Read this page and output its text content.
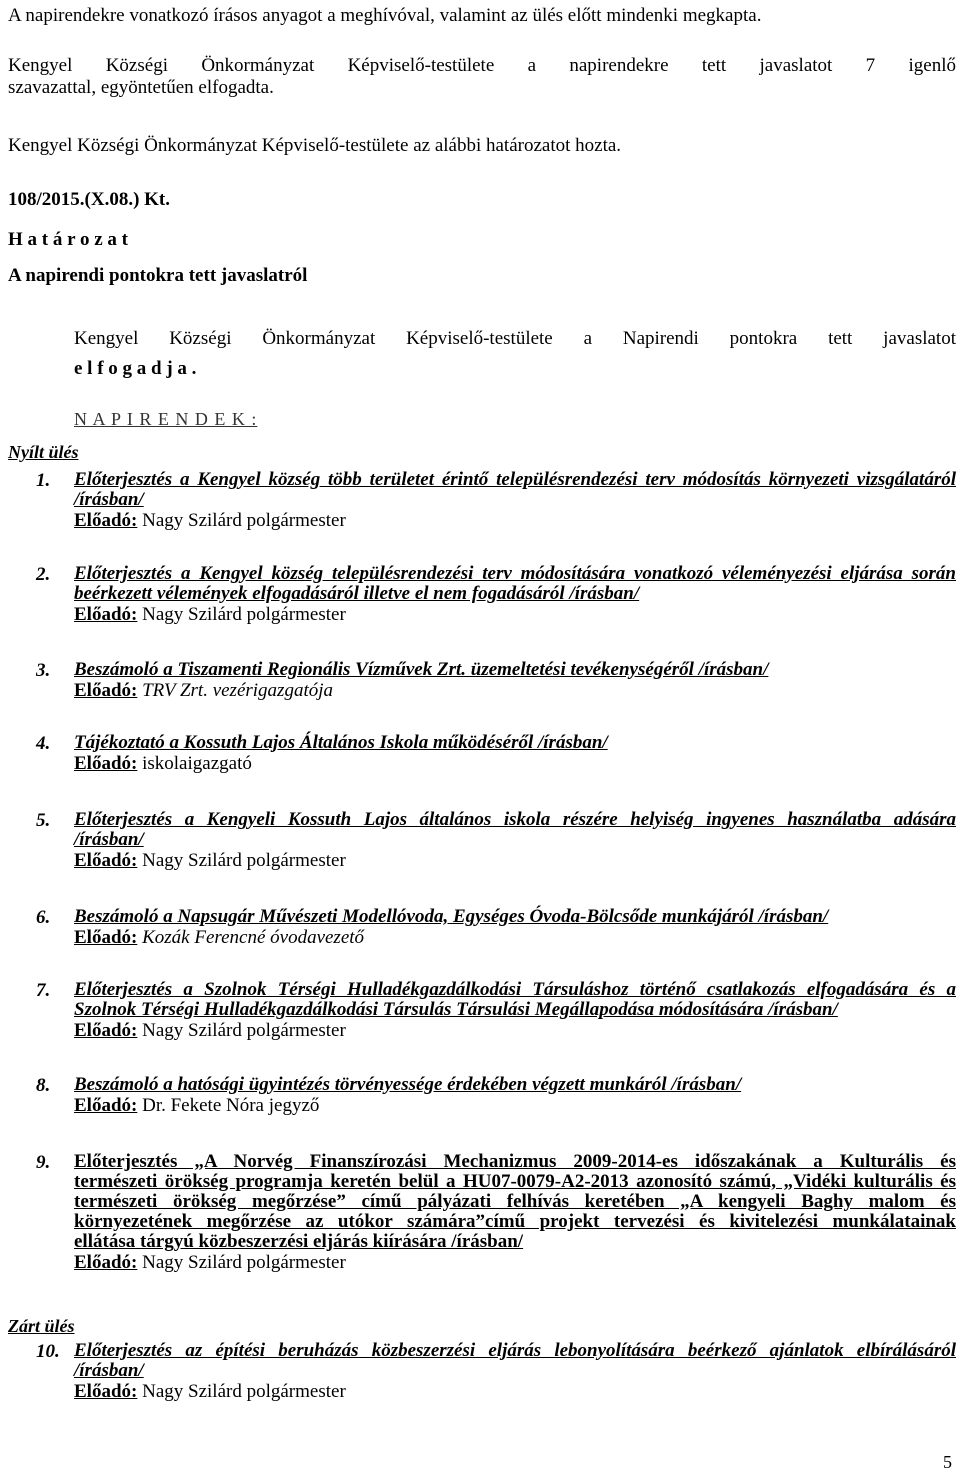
A napirendekre vonatkozó írásos anyagot a meghívóval, valamint az ülés előtt mindenki megkapta.
Kengyel Községi Önkormányzat Képviselő-testülete a napirendekre tett javaslatot 7 igenlő
szavazattal, egyöntetűen elfogadta.
Kengyel Községi Önkormányzat Képviselő-testülete az alábbi határozatot hozta.
108/2015.(X.08.) Kt.
H a t á r o z a t
A napirendi pontokra tett javaslatról
Kengyel Községi Önkormányzat Képviselő-testülete a Napirendi pontokra tett javaslatot
e l f o g a d j a .
N A P I R E N D E K :
Nyílt ülés
1.	Előterjesztés a Kengyel község több területet érintő településrendezési terv módosítás környezeti vizsgálatáról
/írásban/
Előadó: Nagy Szilárd polgármester
2.	Előterjesztés a Kengyel község településrendezési terv módosítására vonatkozó véleményezési eljárása során
beérkezett vélemények elfogadásáról illetve el nem fogadásáról /írásban/
Előadó: Nagy Szilárd polgármester
3.	Beszámoló a Tiszamenti Regionális Vízművek Zrt. üzemeltetési tevékenységéről /írásban/
Előadó: TRV Zrt. vezérigazgatója
4.	Tájékoztató a Kossuth Lajos Általános Iskola működéséről /írásban/
Előadó: iskolaigazgató
5.	Előterjesztés a Kengyeli Kossuth Lajos általános iskola részére helyiség ingyenes használatba adására
/írásban/
Előadó: Nagy Szilárd polgármester
6.	Beszámoló a Napsugár Művészeti Modellóvoda, Egységes Óvoda-Bölcsőde munkájáról /írásban/
Előadó: Kozák Ferencné óvodavezető
7.	Előterjesztés a Szolnok Térségi Hulladékgazdálkodási Társuláshoz történő csatlakozás elfogadására és a
Szolnok Térségi Hulladékgazdálkodási Társulás Társulási Megállapodása módosítására /írásban/
Előadó: Nagy Szilárd polgármester
8.	Beszámoló a hatósági ügyintézés törvényessége érdekében végzett munkáról /írásban/
Előadó: Dr. Fekete Nóra jegyző
9.	Előterjesztés „A Norvég Finanszírozási Mechanizmus 2009-2014-es időszakának a Kulturális és
természeti örökség programja keretén belül a HU07-0079-A2-2013 azonosító számú, „Vidéki kulturális és
természeti örökség megőrzése” című pályázati felhívás keretében „A kengyeli Baghy malom és
környezetének megőrzése az utókor számára”című projekt tervezési és kivitelezési munkálatainak
ellátása tárgyú közbeszerzési eljárás kiírására /írásban/
Előadó: Nagy Szilárd polgármester
10. Előterjesztés az építési beruházás közbeszerzési eljárás lebonyolítására beérkező ajánlatok elbírálásáról
/írásban/
Előadó: Nagy Szilárd polgármester
Zárt ülés
5
